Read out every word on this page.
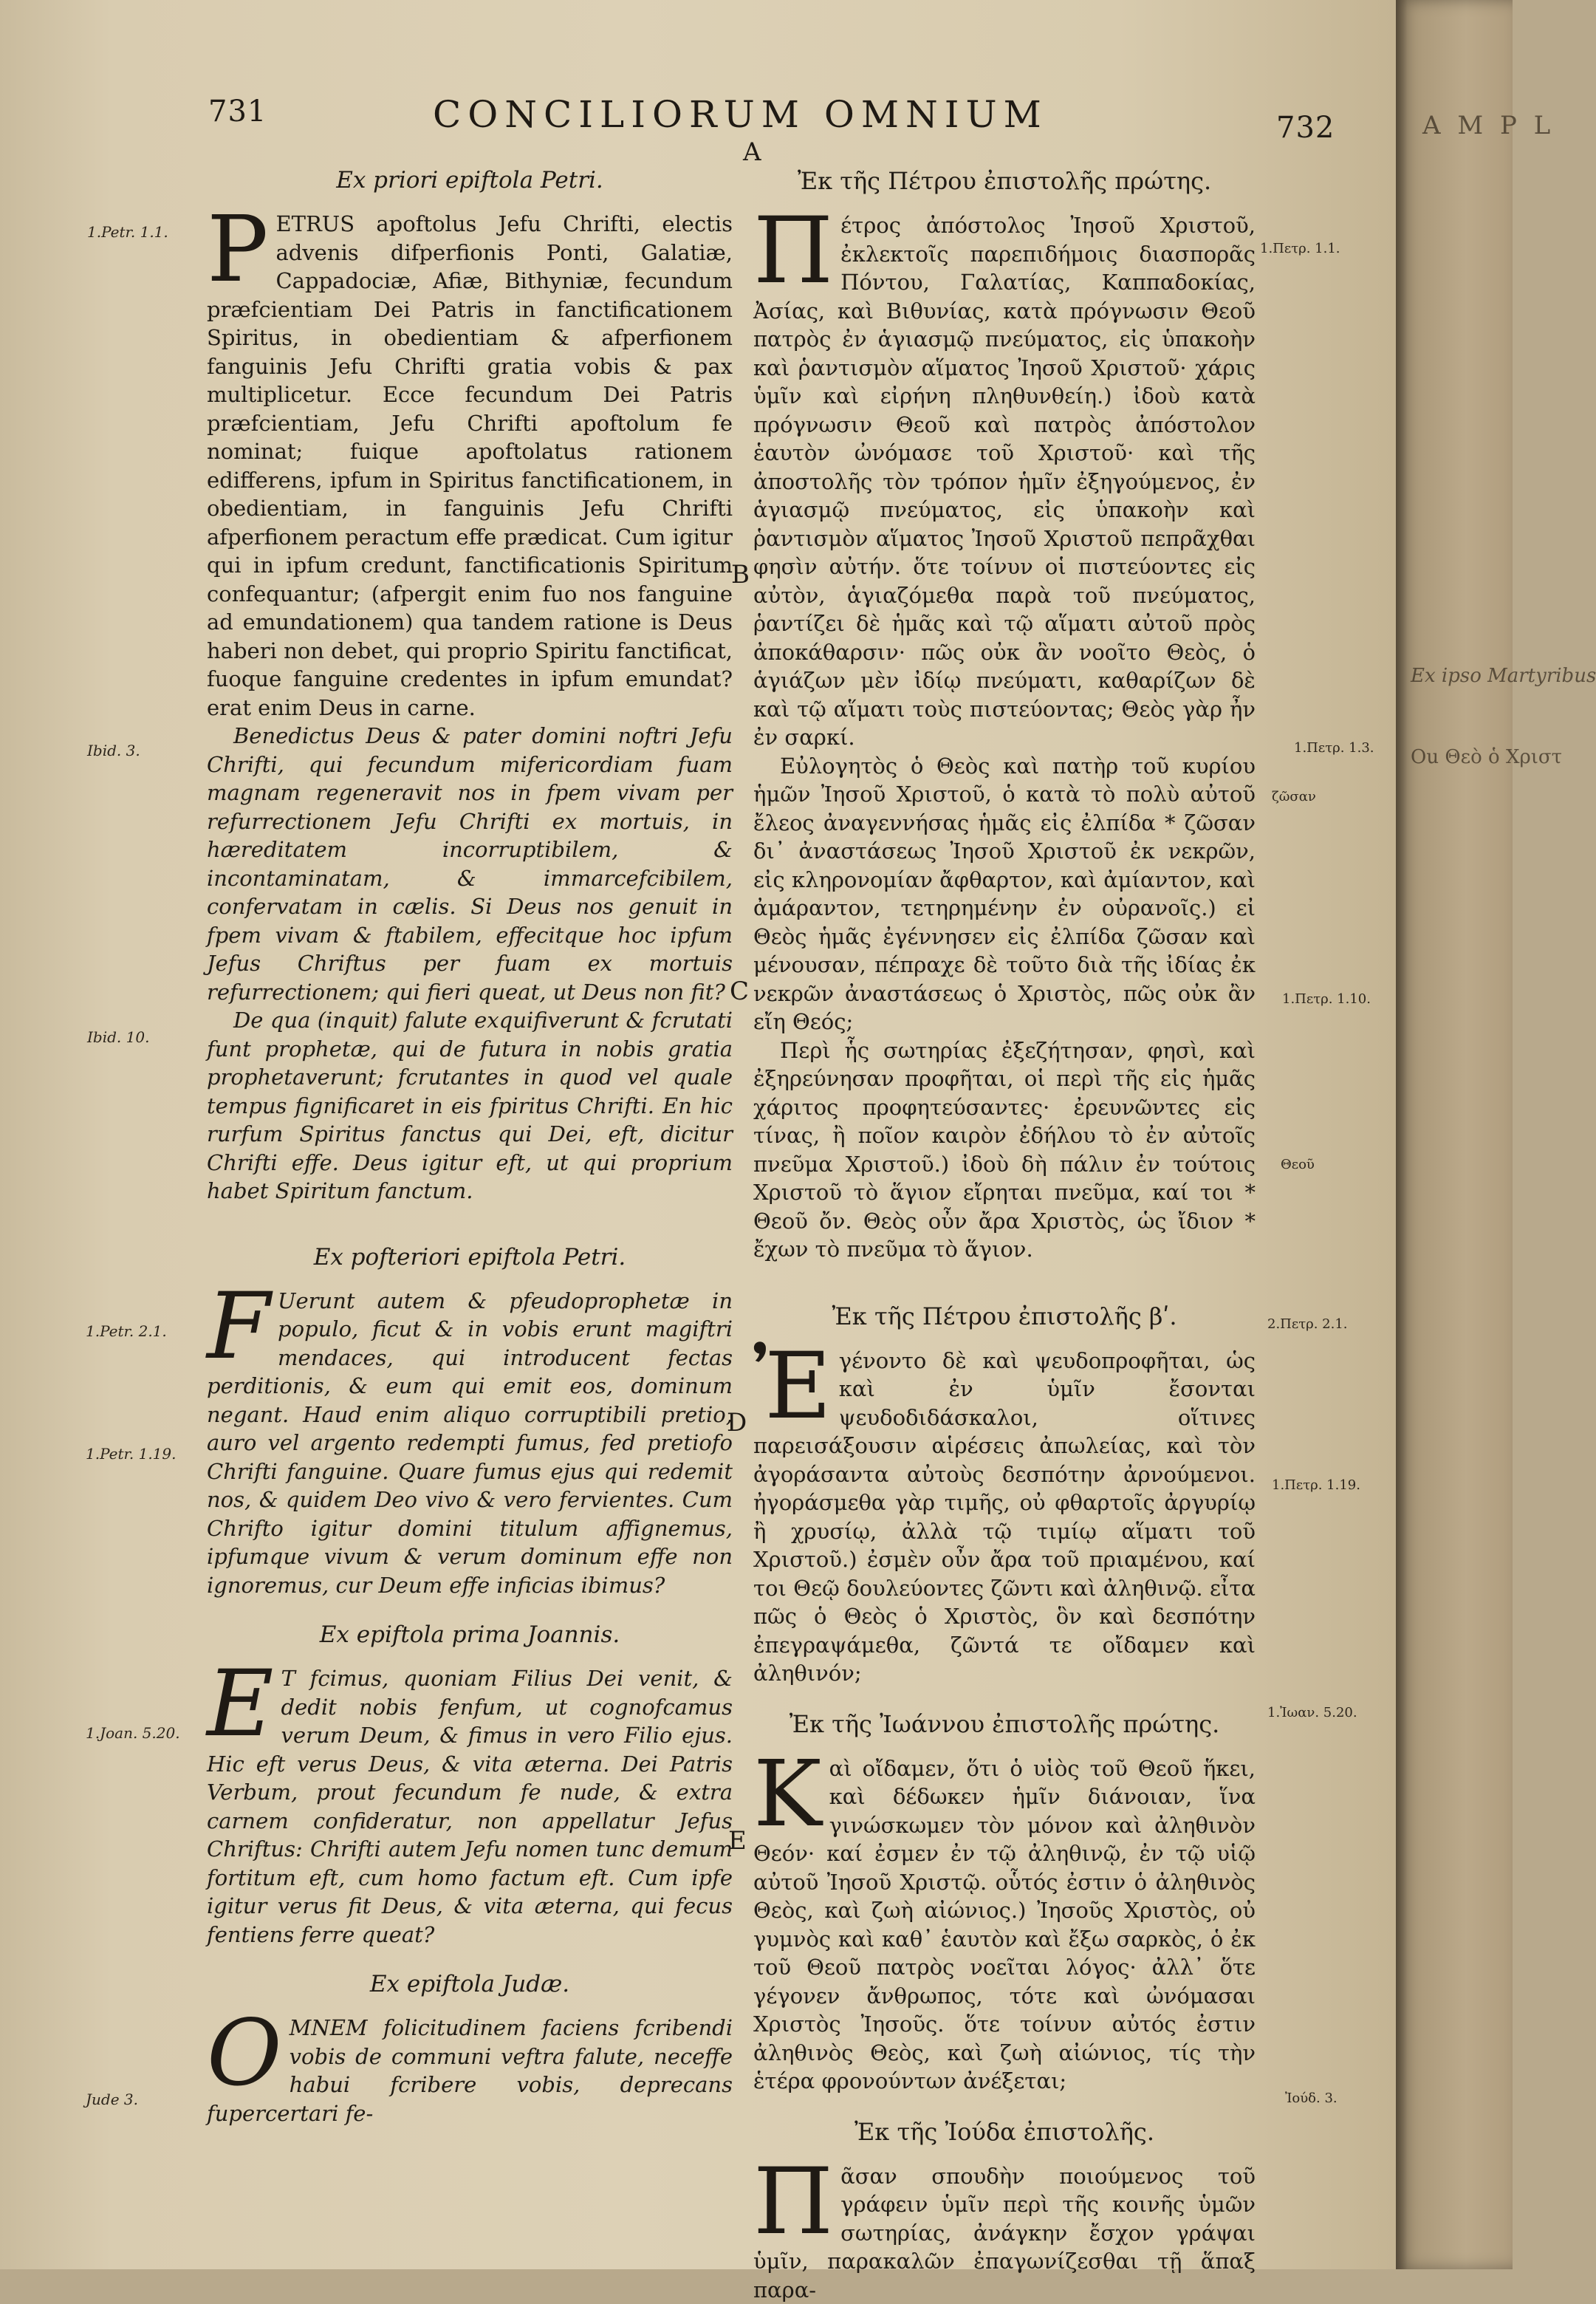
731	CONCILIORUM OMNIUM	732
A
B
C
D
E
1.Petr. 1.1.
Ibid. 3.
Ibid. 10.
1.Petr. 2.1.
1.Petr. 1.19.
1.Joan. 5.20.
Jude 3.
1.Πετρ. 1.1.
1.Πετρ. 1.3.
ζῶσαν
1.Πετρ. 1.10.
Θεοῦ
2.Πετρ. 2.1.
1.Πετρ. 1.19.
1.Ἰωαν. 5.20.
Ἰούδ. 3.
Ex priori epiftola Petri.

PETRUS apoftolus Jefu Chrifti, electis advenis difperfionis Ponti, Galatiæ, Cappadociæ, Afiæ, Bithyniæ, fecundum præfcientiam Dei Patris in fanctificationem Spiritus, in obedientiam & afperfionem fanguinis Jefu Chrifti gratia vobis & pax multiplicetur. Ecce fecundum Dei Patris præfcientiam, Jefu Chrifti apoftolum fe nominat; fuique apoftolatus rationem edifferens, ipfum in Spiritus fanctificationem, in obedientiam, in fanguinis Jefu Chrifti afperfionem peractum effe prædicat. Cum igitur qui in ipfum credunt, fanctificationis Spiritum confequantur; (afpergit enim fuo nos fanguine ad emundationem) qua tandem ratione is Deus haberi non debet, qui proprio Spiritu fanctificat, fuoque fanguine credentes in ipfum emundat? erat enim Deus in carne.

Benedictus Deus & pater domini noftri Jefu Chrifti, qui fecundum mifericordiam fuam magnam regeneravit nos in fpem vivam per refurrectionem Jefu Chrifti ex mortuis, in hæreditatem incorruptibilem, & incontaminatam, & immarcefcibilem, confervatam in cælis. Si Deus nos genuit in fpem vivam & ftabilem, effecitque hoc ipfum Jefus Chriftus per fuam ex mortuis refurrectionem; qui fieri queat, ut Deus non fit?

De qua (inquit) falute exquifiverunt & fcrutati funt prophetæ, qui de futura in nobis gratia prophetaverunt; fcrutantes in quod vel quale tempus fignificaret in eis fpiritus Chrifti. En hic rurfum Spiritus fanctus qui Dei, eft, dicitur Chrifti effe. Deus igitur eft, ut qui proprium habet Spiritum fanctum.

Ex pofteriori epiftola Petri.

FUerunt autem & pfeudoprophetæ in populo, ficut & in vobis erunt magiftri mendaces, qui introducent fectas perditionis, & eum qui emit eos, dominum negant. Haud enim aliquo corruptibili pretio, auro vel argento redempti fumus, fed pretiofo Chrifti fanguine. Quare fumus ejus qui redemit nos, & quidem Deo vivo & vero fervientes. Cum Chrifto igitur domini titulum affignemus, ipfumque vivum & verum dominum effe non ignoremus, cur Deum effe inficias ibimus?

Ex epiftola prima Joannis.

ET fcimus, quoniam Filius Dei venit, & dedit nobis fenfum, ut cognofcamus verum Deum, & fimus in vero Filio ejus. Hic eft verus Deus, & vita æterna. Dei Patris Verbum, prout fecundum fe nude, & extra carnem confideratur, non appellatur Jefus Chriftus: Chrifti autem Jefu nomen tunc demum fortitum eft, cum homo factum eft. Cum ipfe igitur verus fit Deus, & vita æterna, qui fecus fentiens ferre queat?

Ex epiftola Judæ.

OMNEM folicitudinem faciens fcribendi vobis de communi veftra falute, neceffe habui fcribere vobis, deprecans fupercertari fe-

Ἐκ τῆς Πέτρου ἐπιστολῆς πρώτης.

Πέτρος ἀπόστολος Ἰησοῦ Χριστοῦ, ἐκλεκτοῖς παρεπιδήμοις διασπορᾶς Πόντου, Γαλατίας, Καππαδοκίας, Ἀσίας, καὶ Βιθυνίας, κατὰ πρόγνωσιν Θεοῦ πατρὸς ἐν ἁγιασμῷ πνεύματος, εἰς ὑπακοὴν καὶ ῥαντισμὸν αἵματος Ἰησοῦ Χριστοῦ· χάρις ὑμῖν καὶ εἰρήνη πληθυνθείη.) ἰδοὺ κατὰ πρόγνωσιν Θεοῦ καὶ πατρὸς ἀπόστολον ἑαυτὸν ὠνόμασε τοῦ Χριστοῦ· καὶ τῆς ἀποστολῆς τὸν τρόπον ἡμῖν ἐξηγούμενος, ἐν ἁγιασμῷ πνεύματος, εἰς ὑπακοὴν καὶ ῥαντισμὸν αἵματος Ἰησοῦ Χριστοῦ πεπρᾶχθαι φησὶν αὐτήν. ὅτε τοίνυν οἱ πιστεύοντες εἰς αὐτὸν, ἁγιαζόμεθα παρὰ τοῦ πνεύματος, ῥαντίζει δὲ ἡμᾶς καὶ τῷ αἵματι αὐτοῦ πρὸς ἀποκάθαρσιν· πῶς οὐκ ἂν νοοῖτο Θεὸς, ὁ ἁγιάζων μὲν ἰδίῳ πνεύματι, καθαρίζων δὲ καὶ τῷ αἵματι τοὺς πιστεύοντας; Θεὸς γὰρ ἦν ἐν σαρκί.

Εὐλογητὸς ὁ Θεὸς καὶ πατὴρ τοῦ κυρίου ἡμῶν Ἰησοῦ Χριστοῦ, ὁ κατὰ τὸ πολὺ αὐτοῦ ἔλεος ἀναγεννήσας ἡμᾶς εἰς ἐλπίδα * ζῶσαν δι᾽ ἀναστάσεως Ἰησοῦ Χριστοῦ ἐκ νεκρῶν, εἰς κληρονομίαν ἄφθαρτον, καὶ ἀμίαντον, καὶ ἀμάραντον, τετηρημένην ἐν οὐρανοῖς.) εἰ Θεὸς ἡμᾶς ἐγέννησεν εἰς ἐλπίδα ζῶσαν καὶ μένουσαν, πέπραχε δὲ τοῦτο διὰ τῆς ἰδίας ἐκ νεκρῶν ἀναστάσεως ὁ Χριστὸς, πῶς οὐκ ἂν εἴη Θεός;

Περὶ ἧς σωτηρίας ἐξεζήτησαν, φησὶ, καὶ ἐξηρεύνησαν προφῆται, οἱ περὶ τῆς εἰς ἡμᾶς χάριτος προφητεύσαντες· ἐρευνῶντες εἰς τίνας, ἢ ποῖον καιρὸν ἐδήλου τὸ ἐν αὐτοῖς πνεῦμα Χριστοῦ.) ἰδοὺ δὴ πάλιν ἐν τούτοις Χριστοῦ τὸ ἅγιον εἴρηται πνεῦμα, καί τοι * Θεοῦ ὄν. Θεὸς οὖν ἄρα Χριστὸς, ὡς ἴδιον * ἔχων τὸ πνεῦμα τὸ ἅγιον.

Ἐκ τῆς Πέτρου ἐπιστολῆς βʹ.

Ἐγένοντο δὲ καὶ ψευδοπροφῆται, ὡς καὶ ἐν ὑμῖν ἔσονται ψευδοδιδάσκαλοι, οἵτινες παρεισάξουσιν αἱρέσεις ἀπωλείας, καὶ τὸν ἀγοράσαντα αὐτοὺς δεσπότην ἀρνούμενοι. ἠγοράσμεθα γὰρ τιμῆς, οὐ φθαρτοῖς ἀργυρίῳ ἢ χρυσίῳ, ἀλλὰ τῷ τιμίῳ αἵματι τοῦ Χριστοῦ.) ἐσμὲν οὖν ἄρα τοῦ πριαμένου, καί τοι Θεῷ δουλεύοντες ζῶντι καὶ ἀληθινῷ. εἶτα πῶς ὁ Θεὸς ὁ Χριστὸς, ὃν καὶ δεσπότην ἐπεγραψάμεθα, ζῶντά τε οἴδαμεν καὶ ἀληθινόν;

Ἐκ τῆς Ἰωάννου ἐπιστολῆς πρώτης.

Καὶ οἴδαμεν, ὅτι ὁ υἱὸς τοῦ Θεοῦ ἥκει, καὶ δέδωκεν ἡμῖν διάνοιαν, ἵνα γινώσκωμεν τὸν μόνον καὶ ἀληθινὸν Θεόν· καί ἐσμεν ἐν τῷ ἀληθινῷ, ἐν τῷ υἱῷ αὐτοῦ Ἰησοῦ Χριστῷ. οὗτός ἐστιν ὁ ἀληθινὸς Θεὸς, καὶ ζωὴ αἰώνιος.) Ἰησοῦς Χριστὸς, οὐ γυμνὸς καὶ καθ᾽ ἑαυτὸν καὶ ἔξω σαρκὸς, ὁ ἐκ τοῦ Θεοῦ πατρὸς νοεῖται λόγος· ἀλλ᾽ ὅτε γέγονεν ἄνθρωπος, τότε καὶ ὠνόμασαι Χριστὸς Ἰησοῦς. ὅτε τοίνυν αὐτός ἐστιν ἀληθινὸς Θεὸς, καὶ ζωὴ αἰώνιος, τίς τὴν ἑτέρα φρονούντων ἀνέξεται;

Ἐκ τῆς Ἰούδα ἐπιστολῆς.

Πᾶσαν σπουδὴν ποιούμενος τοῦ γράφειν ὑμῖν περὶ τῆς κοινῆς ὑμῶν σωτηρίας, ἀνάγκην ἔσχον γράψαι ὑμῖν, παρακαλῶν ἐπαγωνίζεσθαι τῇ ἅπαξ παρα-

A M P L
Ex ipso Martyribus
Ou Θεὸ ὁ Χριστ
